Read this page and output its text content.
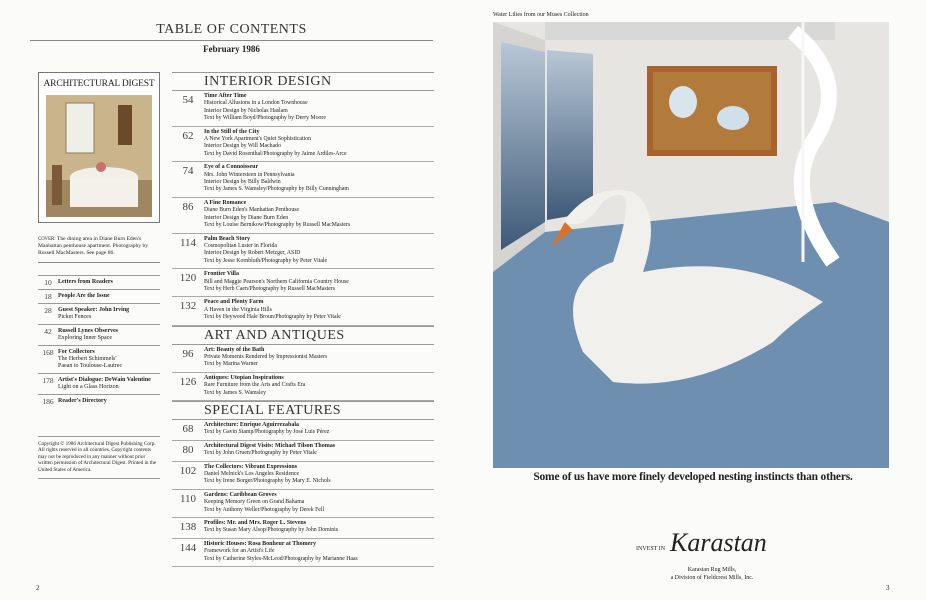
TABLE OF CONTENTS
February 1986
ARCHITECTURAL DIGEST
COVER: The dining area in Diane Burn Eden's Manhattan penthouse apartment. Photography by Russell MacMasters. See page 86.
10	Letters from Readers
18	People Are the Issue
28	Guest Speaker: John Irving
Picket Fences
42	Russell Lynes Observes
Exploring Inner Space
168 For Collectors
The Herbert Schimmels'
Paean to Toulouse-Lautrec
178 Artist's Dialogue: DeWain Valentine
Light on a Glass Horizon
186 Reader's Directory
Copyright © 1986 Architectural Digest Publishing Corp. All rights reserved in all countries. Copyright contents may not be reproduced in any manner without prior written permission of Architectural Digest. Printed in the United States of America.
INTERIOR DESIGN
54	Time After Time
Historical Allusions in a London Townhouse
Interior Design by Nicholas Haslam
Text by William Boyd/Photography by Derry Moore
62	In the Still of the City
A New York Apartment's Quiet Sophistication
Interior Design by Will Machado
Text by David Rosenthal/Photography by Jaime Ardiles-Arce
74	Eye of a Connoisseur
Mrs. John Wintersteen in Pennsylvania
Interior Design by Billy Baldwin
Text by James S. Wamsley/Photography by Billy Cunningham
86	A Fine Romance
Diane Burn Eden's Manhattan Penthouse
Interior Design by Diane Burn Eden
Text by Louise Bernikow/Photography by Russell MacMasters
114	Palm Beach Story
Cosmopolitan Luster in Florida
Interior Design by Robert Metzger, ASID
Text by Jesse Kornbluth/Photography by Peter Vitale
120	Frontier Villa
Bill and Maggie Pearson's Northern California Country House
Text by Herb Caen/Photography by Russell MacMasters
132	Peace and Plenty Farm
A Haven in the Virginia Hills
Text by Heywood Hale Broun/Photography by Peter Vitale
ART AND ANTIQUES
96	Art: Beauty of the Bath
Private Moments Rendered by Impressionist Masters
Text by Marina Warner
126	Antiques: Utopian Inspirations
Rare Furniture from the Arts and Crafts Era
Text by James S. Wamsley
SPECIAL FEATURES
68	Architecture: Enrique Aguirrezabala
Text by Gavin Stamp/Photography by José Luis Pérez
80	Architectural Digest Visits: Michael Tilson Thomas
Text by John Gruen/Photography by Peter Vitale
102	The Collectors: Vibrant Expressions
Daniel Melnick's Los Angeles Residence
Text by Irene Borger/Photography by Mary E. Nichols
110	Gardens: Caribbean Groves
Keeping Memory Green on Grand Bahama
Text by Anthony Weller/Photography by Derek Fell
138	Profiles: Mr. and Mrs. Roger L. Stevens
Text by Susan Mary Alsop/Photography by John Dominis
144	Historic Houses: Rosa Bonheur at Thomery
Framework for an Artist's Life
Text by Catherine Styles-McLeod/Photography by Marianne Haas
2
Water Lilies from our Muses Collection
Some of us have more finely developed nesting instincts than others.
INVEST IN Karastan
Karastan Rug Mills,
a Division of Fieldcrest Mills, Inc.
3
